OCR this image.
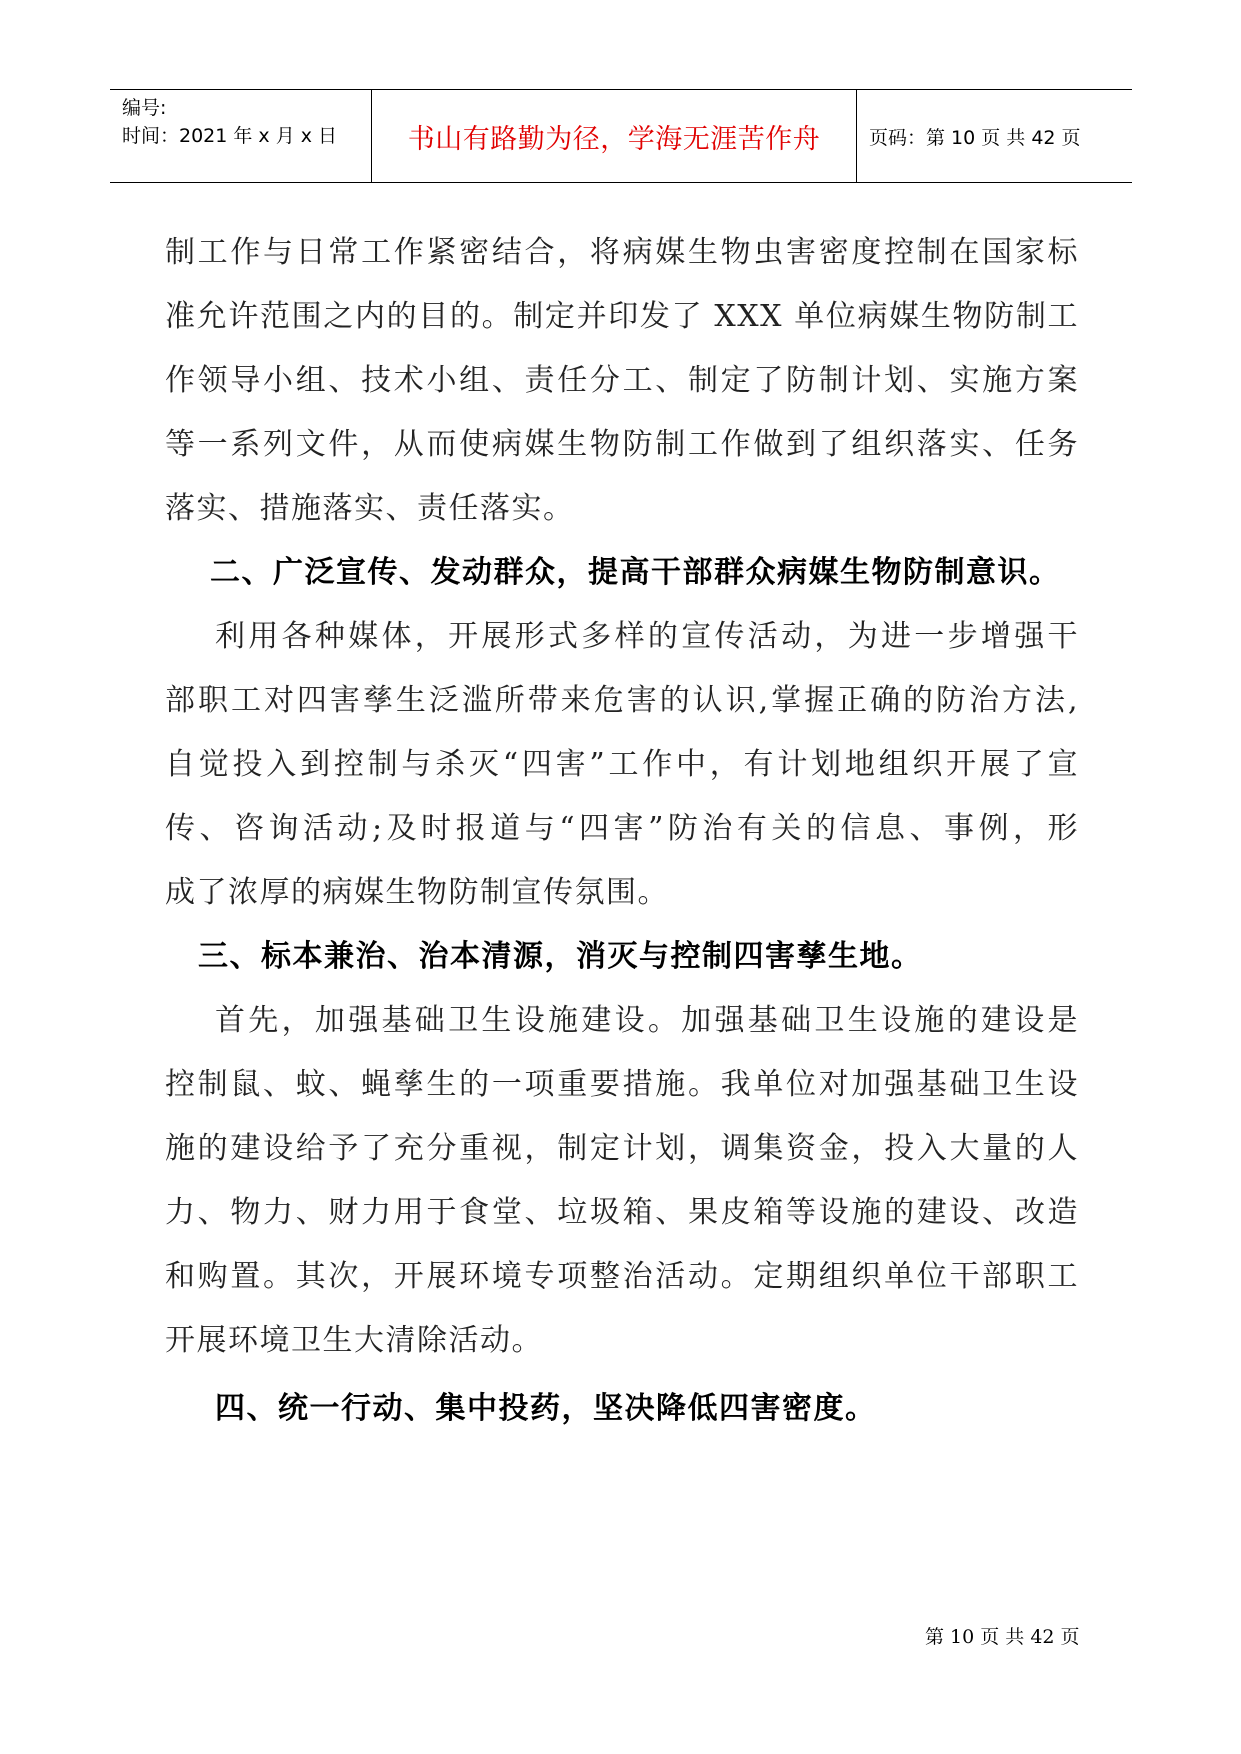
编号:
时间：2021 年 x 月 x 日	书山有路勤为径，学海无涯苦作舟	页码：第 10 页 共 42 页
制工作与日常工作紧密结合，将病媒生物虫害密度控制在国家标
准允许范围之内的目的。制定并印发了 XXX 单位病媒生物防制工
作领导小组、技术小组、责任分工、制定了防制计划、实施方案
等一系列文件，从而使病媒生物防制工作做到了组织落实、任务
落实、措施落实、责任落实。
二、广泛宣传、发动群众，提高干部群众病媒生物防制意识。
利用各种媒体，开展形式多样的宣传活动，为进一步增强干
部职工对四害孳生泛滥所带来危害的认识,掌握正确的防治方法,
自觉投入到控制与杀灭“四害”工作中，有计划地组织开展了宣
传、咨询活动;及时报道与“四害”防治有关的信息、事例，形
成了浓厚的病媒生物防制宣传氛围。
三、标本兼治、治本清源，消灭与控制四害孳生地。
首先，加强基础卫生设施建设。加强基础卫生设施的建设是
控制鼠、蚊、蝇孳生的一项重要措施。我单位对加强基础卫生设
施的建设给予了充分重视，制定计划，调集资金，投入大量的人
力、物力、财力用于食堂、垃圾箱、果皮箱等设施的建设、改造
和购置。其次，开展环境专项整治活动。定期组织单位干部职工
开展环境卫生大清除活动。
四、统一行动、集中投药，坚决降低四害密度。
第 10 页 共 42 页
